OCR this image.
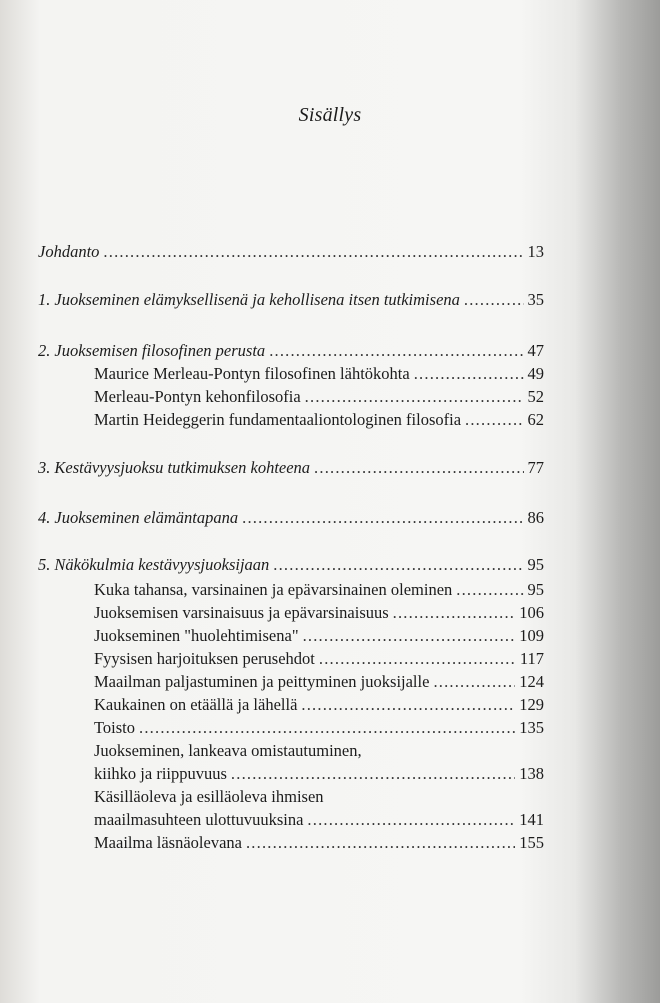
Sisällys
Johdanto .....	13
1. Juokseminen elämyksellisenä ja kehollisena itsen tutkimisena .....	35
2. Juoksemisen filosofinen perusta .....	47
Maurice Merleau-Pontyn filosofinen lähtökohta .....	49
Merleau-Pontyn kehonfilosofia .....	52
Martin Heideggerin fundamentaaliontologinen filosofia .....	62
3. Kestävyysjuoksu tutkimuksen kohteena .....	77
4. Juokseminen elämäntapana .....	86
5. Näkökulmia kestävyysjuoksijaan .....	95
Kuka tahansa, varsinainen ja epävarsinainen oleminen .....	95
Juoksemisen varsinaisuus ja epävarsinaisuus .....	106
Juokseminen "huolehtimisena" .....	109
Fyysisen harjoituksen perusehdot .....	117
Maailman paljastuminen ja peittyminen juoksijalle .....	124
Kaukainen on etäällä ja lähellä .....	129
Toisto .....	135
Juokseminen, lankeava omistautuminen,
kiihko ja riippuvuus .....	138
Käsilläoleva ja esilläoleva ihmisen
maailmasuhteen ulottuvuuksina .....	141
Maailma läsnäolevana .....	155
